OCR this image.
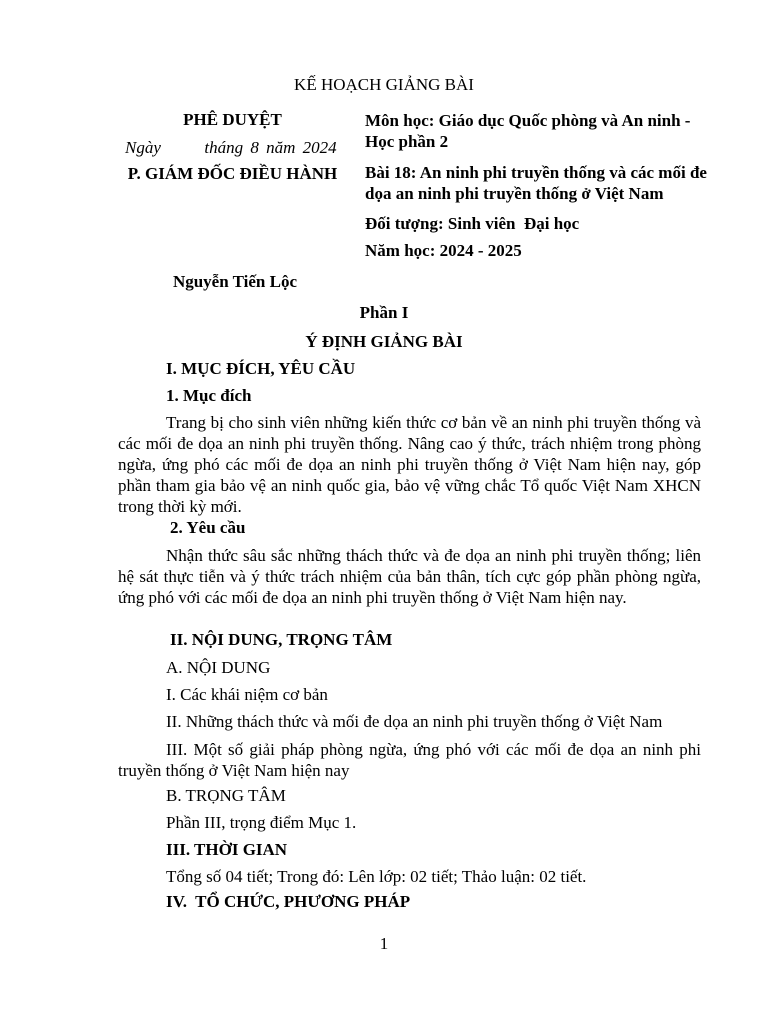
KẾ HOẠCH GIẢNG BÀI
PHÊ DUYỆT
Ngày      tháng 8 năm 2024
P. GIÁM ĐỐC ĐIỀU HÀNH
Nguyễn Tiến Lộc
Môn học: Giáo dục Quốc phòng và An ninh - Học phần 2
Bài 18: An ninh phi truyền thống và các mối đe dọa an ninh phi truyền thống ở Việt Nam
Đối tượng: Sinh viên  Đại học
Năm học: 2024 - 2025
Phần I
Ý ĐỊNH GIẢNG BÀI
I. MỤC ĐÍCH, YÊU CẦU
1. Mục đích
Trang bị cho sinh viên những kiến thức cơ bản về an ninh phi truyền thống và các mối đe dọa an ninh phi truyền thống. Nâng cao ý thức, trách nhiệm trong phòng ngừa, ứng phó các mối đe dọa an ninh phi truyền thống ở Việt Nam hiện nay, góp phần tham gia bảo vệ an ninh quốc gia, bảo vệ vững chắc Tổ quốc Việt Nam XHCN trong thời kỳ mới.
2. Yêu cầu
Nhận thức sâu sắc những thách thức và đe dọa an ninh phi truyền thống; liên hệ sát thực tiễn và ý thức trách nhiệm của bản thân, tích cực góp phần phòng ngừa, ứng phó với các mối đe dọa an ninh phi truyền thống ở Việt Nam hiện nay.
II. NỘI DUNG, TRỌNG TÂM
A. NỘI DUNG
I. Các khái niệm cơ bản
II. Những thách thức và mối đe dọa an ninh phi truyền thống ở Việt Nam
III. Một số giải pháp phòng ngừa, ứng phó với các mối đe dọa an ninh phi truyền thống ở Việt Nam hiện nay
B. TRỌNG TÂM
Phần III, trọng điểm Mục 1.
III. THỜI GIAN
Tổng số 04 tiết; Trong đó: Lên lớp: 02 tiết; Thảo luận: 02 tiết.
IV.  TỔ CHỨC, PHƯƠNG PHÁP
1
